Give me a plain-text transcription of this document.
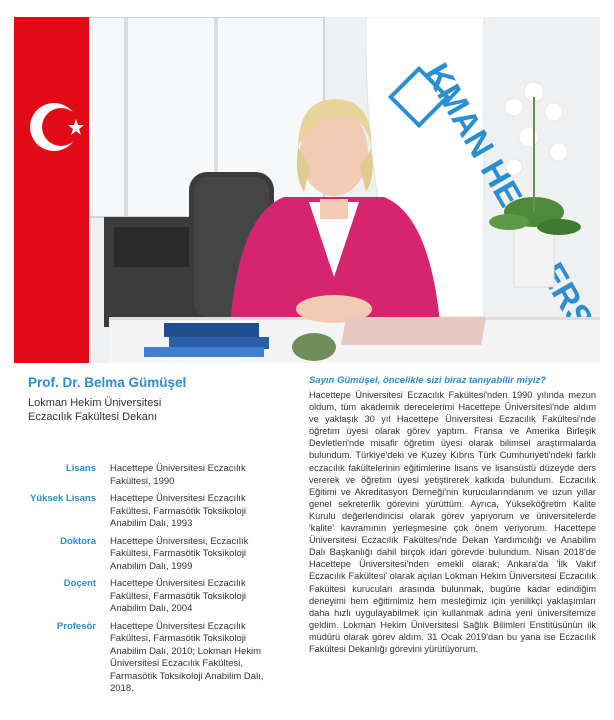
KMAN ERSİTESİ
Prof. Dr. Belma Gümüşel
Lokman Hekim Üniversitesi
Eczacılık Fakültesi Dekanı
Lisans	Hacettepe Üniversitesi Eczacılık Fakültesi, 1990
Yüksek Lisans	Hacettepe Üniversitesi Eczacılık Fakültesi, Farmasötik Toksikoloji Anabilim Dalı, 1993
Doktora	Hacettepe Üniversitesi, Eczacılık Fakültesi, Farmasötik Toksikoloji Anabilim Dalı, 1999
Doçent	Hacettepe Üniversitesi Eczacılık Fakültesi, Farmasötik Toksikoloji Anabilim Dalı, 2004
Profesör	Hacettepe Üniversitesi Eczacılık Fakültesi, Farmasötik Toksikoloji Anabilim Dalı, 2010; Lokman Hekim Üniversitesi Eczacılık Fakültesi, Farmasötik Toksikoloji Anabilim Dalı, 2018.
Sayın Gümüşel, öncelikle sizi biraz tanıyabilir miyiz?
Hacettepe Üniversitesi Eczacılık Fakültesi'nden 1990 yılında mezun oldum, tüm akademik derecelerimi Hacettepe Üniversitesi'nde aldım ve yaklaşık 30 yıl Hacettepe Üniversitesi Eczacılık Fakültesi'nde öğretim üyesi olarak görev yaptım. Fransa ve Amerika Birleşik Devletleri'nde misafir öğretim üyesi olarak bilimsel araştırmalarda bulundum. Türkiye'deki ve Kuzey Kıbrıs Türk Cumhuriyeti'ndeki farklı eczacılık fakültelerinin eğitimlerine lisans ve lisansüstü düzeyde ders vererek ve öğretim üyesi yetiştirerek katkıda bulundum. Eczacılık Eğitimi ve Akreditasyon Derneği'nin kurucularındanım ve uzun yıllar genel sekreterlik görevini yürüttüm. Ayrıca, Yükseköğretim Kalite Kurulu değerlendiricisi olarak görev yapıyorum ve üniversitelerde 'kalite' kavramının yerleşmesine çok önem veriyorum. Hacettepe Üniversitesi Eczacılık Fakültesi'nde Dekan Yardımcılığı ve Anabilim Dalı Başkanlığı dahil birçok idari görevde bulundum. Nisan 2018'de Hacettepe Üniversitesi'nden emekli olarak; Ankara'da 'İlk Vakıf Eczacılık Fakültesi' olarak açılan Lokman Hekim Üniversitesi Eczacılık Fakültesi kurucuları arasında bulunmak, bugüne kadar edindiğim deneyimi hem eğitimimiz hem mesleğimiz için yenilikçi yaklaşımları daha hızlı uygulayabilmek için kullanmak adına yeni üniversitemize geldim. Lokman Hekim Üniversitesi Sağlık Bilimleri Enstitüsünün ilk müdürü olarak görev aldım. 31 Ocak 2019'dan bu yana ise Eczacılık Fakültesi Dekanlığı görevini yürütüyorum.
